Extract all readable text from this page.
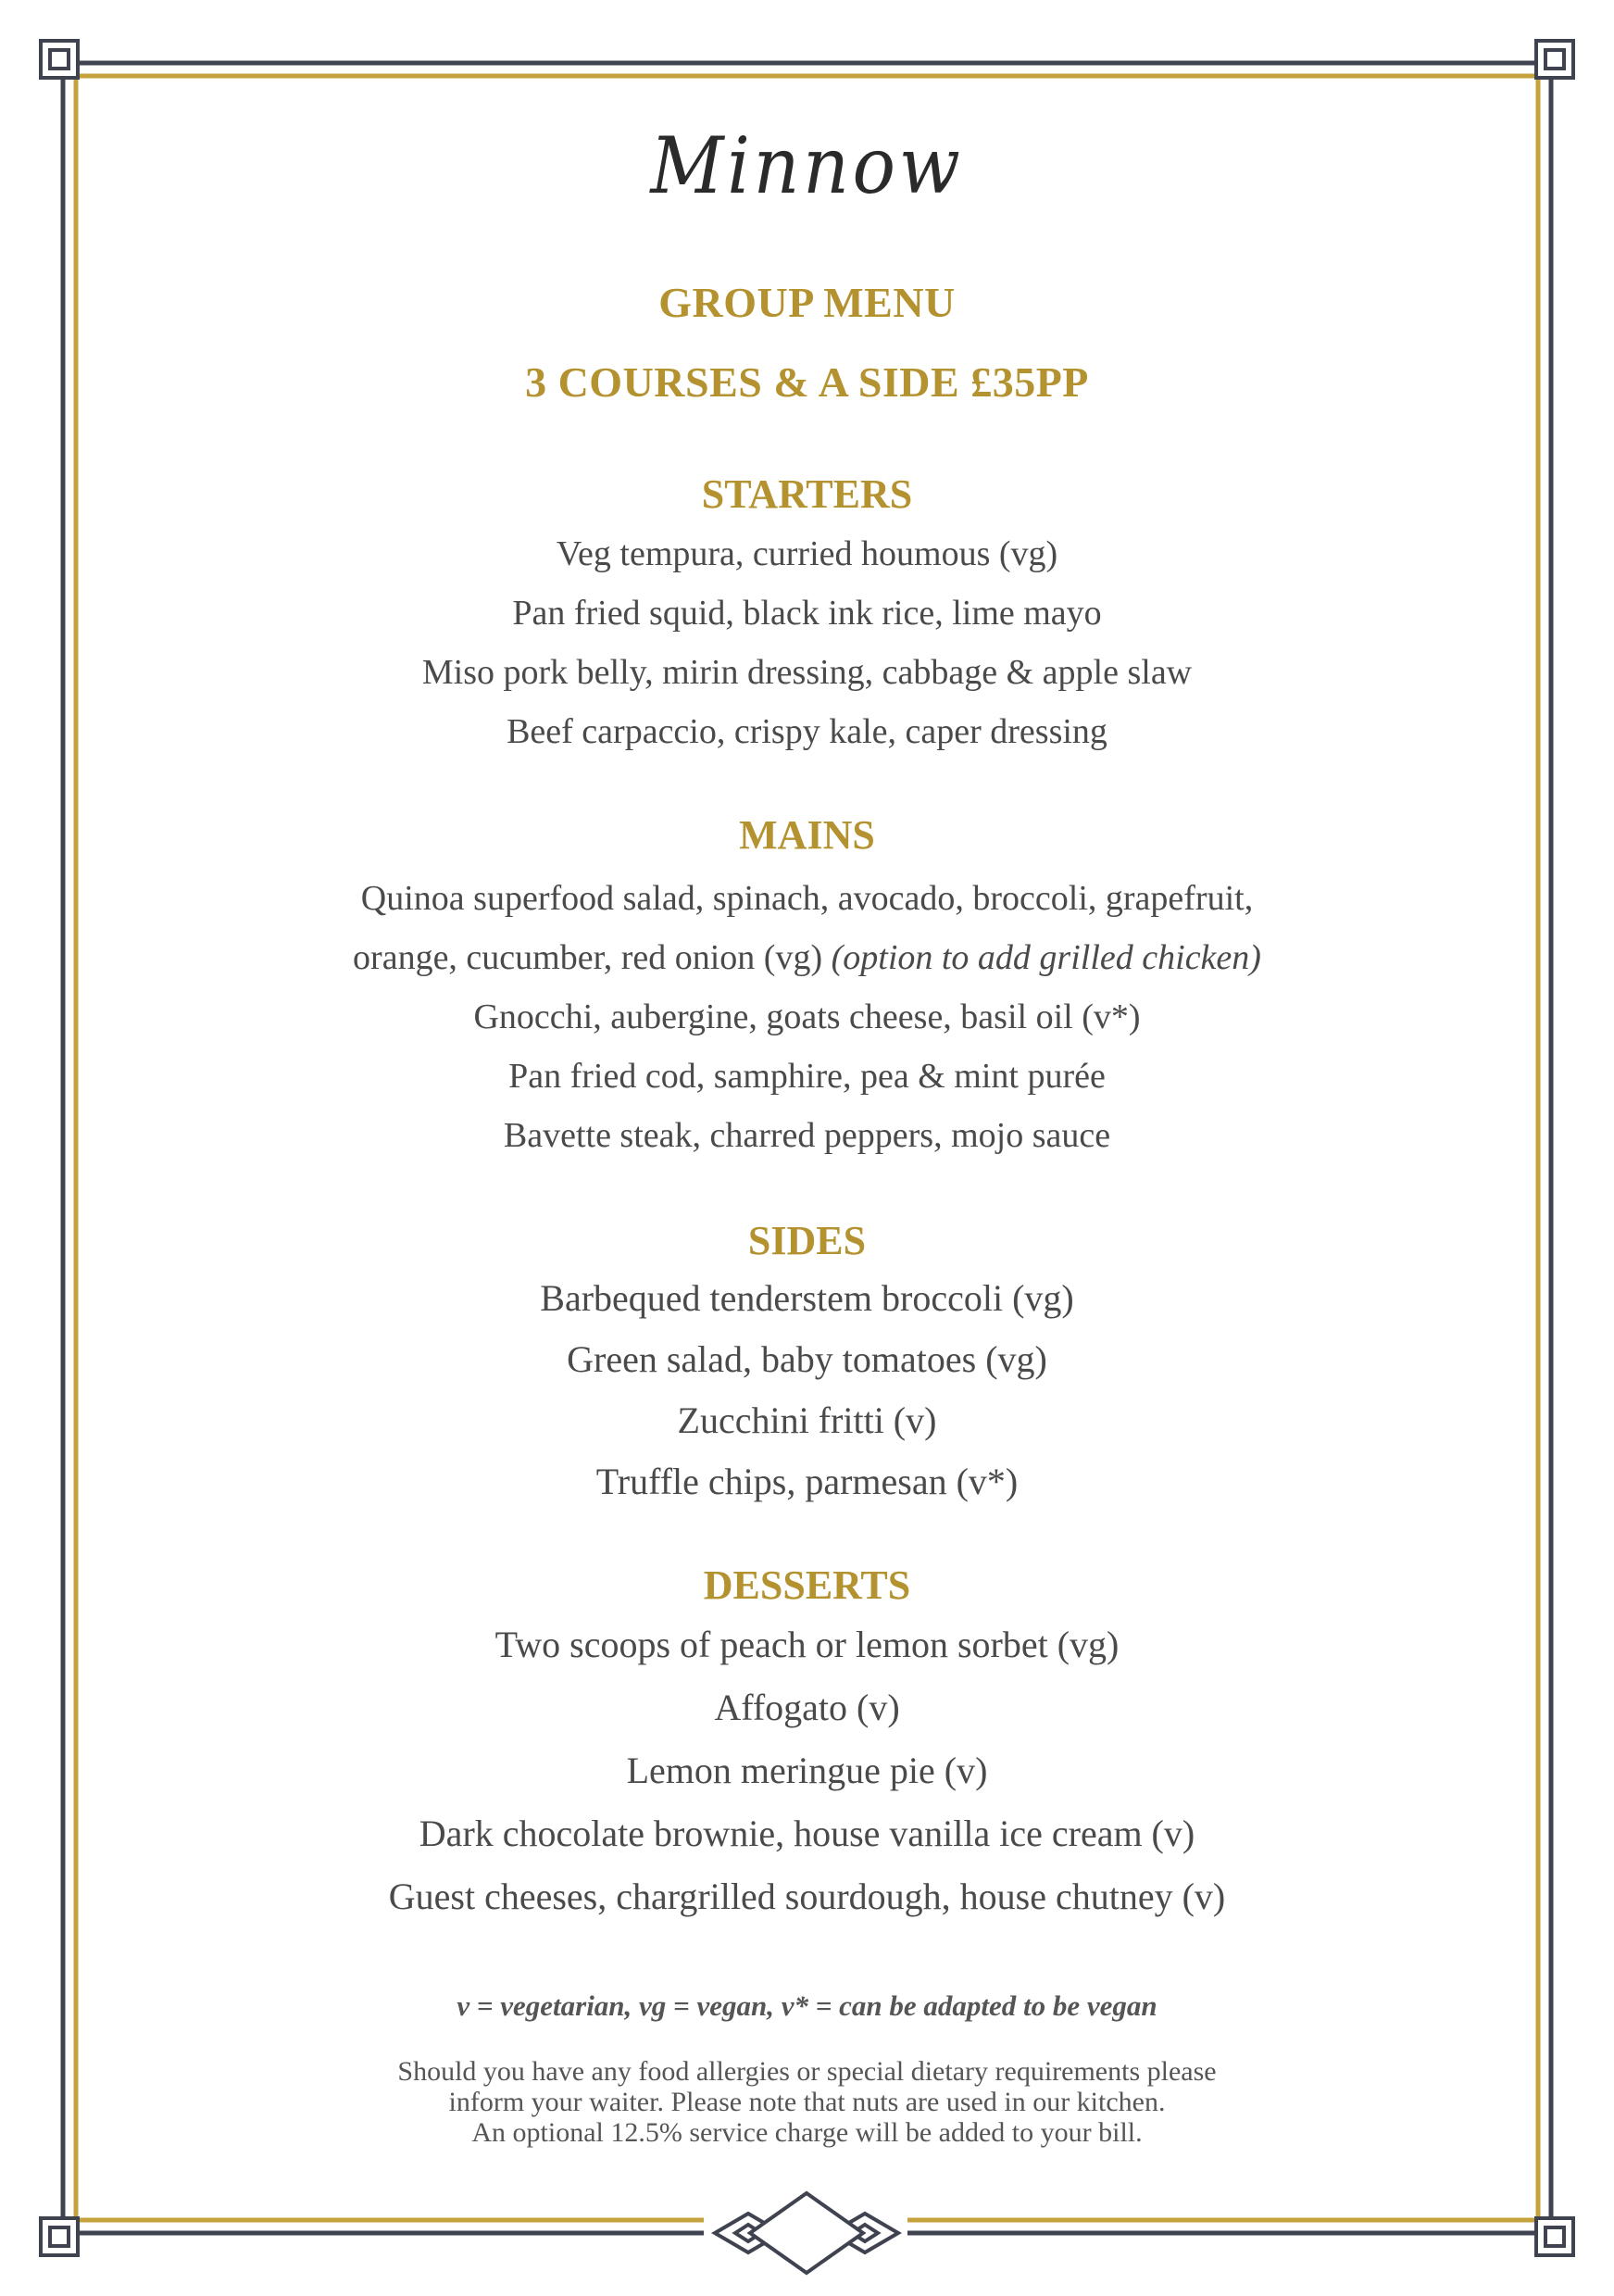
Minnow
GROUP MENU
3 COURSES & A SIDE £35PP
STARTERS
Veg tempura, curried houmous (vg)
Pan fried squid, black ink rice, lime mayo
Miso pork belly, mirin dressing, cabbage & apple slaw
Beef carpaccio, crispy kale, caper dressing
MAINS
Quinoa superfood salad, spinach, avocado, broccoli, grapefruit,
orange, cucumber, red onion (vg) (option to add grilled chicken)
Gnocchi, aubergine, goats cheese, basil oil (v*)
Pan fried cod, samphire, pea & mint purée
Bavette steak, charred peppers, mojo sauce
SIDES
Barbequed tenderstem broccoli (vg)
Green salad, baby tomatoes (vg)
Zucchini fritti (v)
Truffle chips, parmesan (v*)
DESSERTS
Two scoops of peach or lemon sorbet (vg)
Affogato (v)
Lemon meringue pie (v)
Dark chocolate brownie, house vanilla ice cream (v)
Guest cheeses, chargrilled sourdough, house chutney (v)
v = vegetarian, vg = vegan, v* = can be adapted to be vegan
Should you have any food allergies or special dietary requirements please
inform your waiter. Please note that nuts are used in our kitchen.
An optional 12.5% service charge will be added to your bill.
